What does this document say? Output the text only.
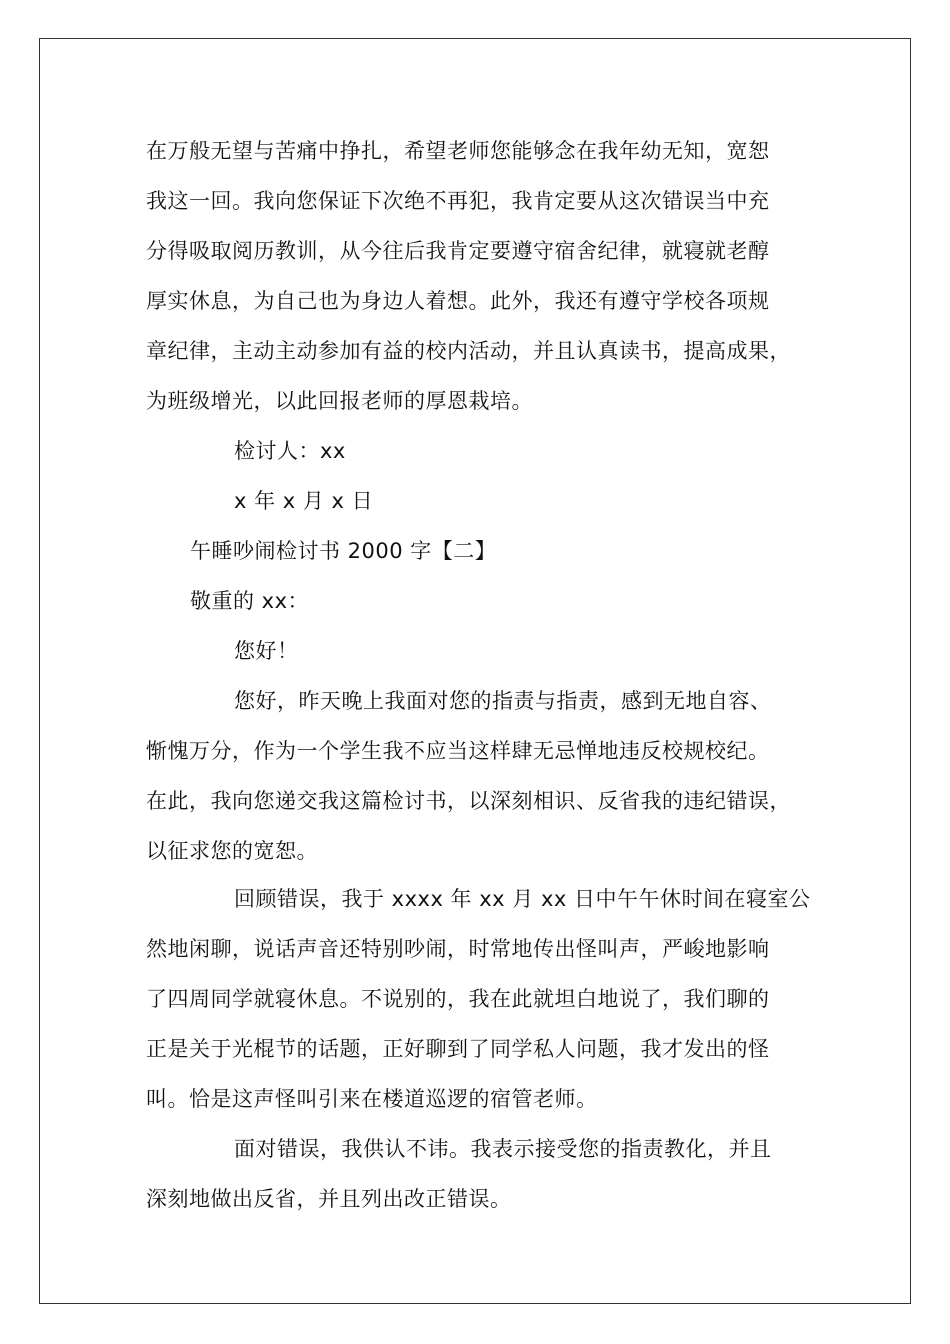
在万般无望与苦痛中挣扎，希望老师您能够念在我年幼无知，宽恕
我这一回。我向您保证下次绝不再犯，我肯定要从这次错误当中充
分得吸取阅历教训，从今往后我肯定要遵守宿舍纪律，就寝就老醇
厚实休息，为自己也为身边人着想。此外，我还有遵守学校各项规
章纪律，主动主动参加有益的校内活动，并且认真读书，提高成果，
为班级增光，以此回报老师的厚恩栽培。
检讨人：xx
x 年 x 月 x 日
午睡吵闹检讨书 2000 字【二】
敬重的 xx：
您好！
您好，昨天晚上我面对您的指责与指责，感到无地自容、
惭愧万分，作为一个学生我不应当这样肆无忌惮地违反校规校纪。
在此，我向您递交我这篇检讨书，以深刻相识、反省我的违纪错误，
以征求您的宽恕。
回顾错误，我于 xxxx 年 xx 月 xx 日中午午休时间在寝室公
然地闲聊，说话声音还特别吵闹，时常地传出怪叫声，严峻地影响
了四周同学就寝休息。不说别的，我在此就坦白地说了，我们聊的
正是关于光棍节的话题，正好聊到了同学私人问题，我才发出的怪
叫。恰是这声怪叫引来在楼道巡逻的宿管老师。
面对错误，我供认不讳。我表示接受您的指责教化，并且
深刻地做出反省，并且列出改正错误。
